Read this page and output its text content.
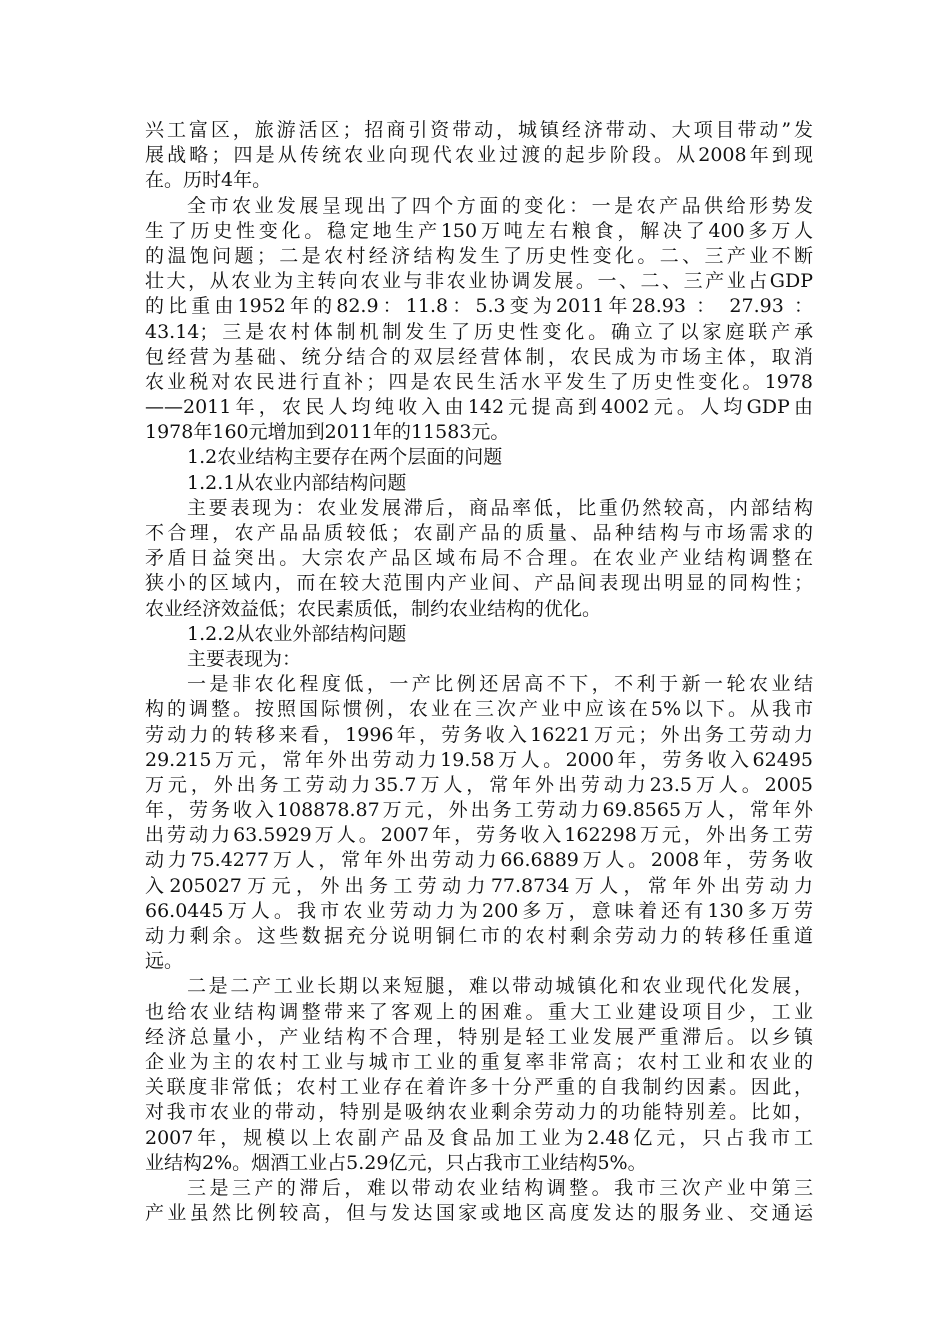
兴工富区，旅游活区；招商引资带动，城镇经济带动、大项目带动”发
展战略；四是从传统农业向现代农业过渡的起步阶段。从2008年到现
在。历时4年。
全市农业发展呈现出了四个方面的变化：一是农产品供给形势发
生了历史性变化。稳定地生产150万吨左右粮食，解决了400多万人
的温饱问题；二是农村经济结构发生了历史性变化。二、三产业不断
壮大，从农业为主转向农业与非农业协调发展。一、二、三产业占GDP
的比重由1952年的82.9：11.8：5.3变为2011年28.93 ： 27.93 ：
43.14；三是农村体制机制发生了历史性变化。确立了以家庭联产承
包经营为基础、统分结合的双层经营体制，农民成为市场主体，取消
农业税对农民进行直补；四是农民生活水平发生了历史性变化。1978
——2011年，农民人均纯收入由142元提高到4002元。人均GDP由
1978年160元增加到2011年的11583元。
1.2农业结构主要存在两个层面的问题
1.2.1从农业内部结构问题
主要表现为：农业发展滞后，商品率低，比重仍然较高，内部结构
不合理，农产品品质较低；农副产品的质量、品种结构与市场需求的
矛盾日益突出。大宗农产品区域布局不合理。在农业产业结构调整在
狭小的区域内，而在较大范围内产业间、产品间表现出明显的同构性；
农业经济效益低；农民素质低，制约农业结构的优化。
1.2.2从农业外部结构问题
主要表现为：
一是非农化程度低，一产比例还居高不下，不利于新一轮农业结
构的调整。按照国际惯例，农业在三次产业中应该在5%以下。从我市
劳动力的转移来看，1996年，劳务收入16221万元；外出务工劳动力
29.215万元，常年外出劳动力19.58万人。2000年，劳务收入62495
万元，外出务工劳动力35.7万人，常年外出劳动力23.5万人。2005
年，劳务收入108878.87万元，外出务工劳动力69.8565万人，常年外
出劳动力63.5929万人。2007年，劳务收入162298万元，外出务工劳
动力75.4277万人，常年外出劳动力66.6889万人。2008年，劳务收
入205027万元，外出务工劳动力77.8734万人，常年外出劳动力
66.0445万人。我市农业劳动力为200多万，意味着还有130多万劳
动力剩余。这些数据充分说明铜仁市的农村剩余劳动力的转移任重道
远。
二是二产工业长期以来短腿，难以带动城镇化和农业现代化发展，
也给农业结构调整带来了客观上的困难。重大工业建设项目少，工业
经济总量小，产业结构不合理，特别是轻工业发展严重滞后。以乡镇
企业为主的农村工业与城市工业的重复率非常高；农村工业和农业的
关联度非常低；农村工业存在着许多十分严重的自我制约因素。因此，
对我市农业的带动，特别是吸纳农业剩余劳动力的功能特别差。比如，
2007年，规模以上农副产品及食品加工业为2.48亿元，只占我市工
业结构2%。烟酒工业占5.29亿元，只占我市工业结构5%。
三是三产的滞后，难以带动农业结构调整。我市三次产业中第三
产业虽然比例较高，但与发达国家或地区高度发达的服务业、交通运
